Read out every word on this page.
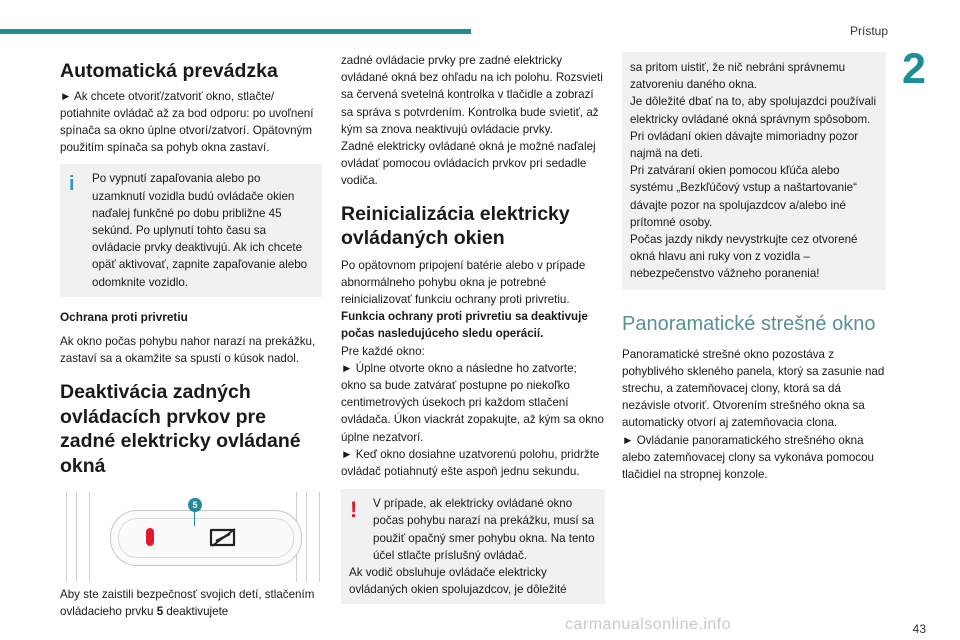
Prístup
2
Automatická prevádzka

► Ak chcete otvoriť/zatvoriť okno, stlačte/ potiahnite ovládač až za bod odporu: po uvoľnení spínača sa okno úplne otvorí/zatvorí. Opätovným použitím spínača sa pohyb okna zastaví.

i Po vypnutí zapaľovania alebo po uzamknutí vozidla budú ovládače okien naďalej funkčné po dobu približne 45 sekúnd. Po uplynutí tohto času sa ovládacie prvky deaktivujú. Ak ich chcete opäť aktivovať, zapnite zapaľovanie alebo odomknite vozidlo.

Ochrana proti privretiu

Ak okno počas pohybu nahor narazí na prekážku, zastaví sa a okamžite sa spustí o kúsok nadol.

Deaktivácia zadných ovládacích prvkov pre zadné elektricky ovládané okná
5

Aby ste zaistili bezpečnosť svojich detí, stlačením ovládacieho prvku 5 deaktivujete

zadné ovládacie prvky pre zadné elektricky ovládané okná bez ohľadu na ich polohu. Rozsvieti sa červená svetelná kontrolka v tlačidle a zobrazí sa správa s potvrdením. Kontrolka bude svietiť, až kým sa znova neaktivujú ovládacie prvky.

Zadné elektricky ovládané okná je možné naďalej ovládať pomocou ovládacích prvkov pri sedadle vodiča.

Reinicializácia elektricky ovládaných okien

Po opätovnom pripojení batérie alebo v prípade abnormálneho pohybu okna je potrebné reinicializovať funkciu ochrany proti privretiu.

Funkcia ochrany proti privretiu sa deaktivuje počas nasledujúceho sledu operácií.

Pre každé okno:

► Úplne otvorte okno a následne ho zatvorte; okno sa bude zatvárať postupne po niekoľko centimetrových úsekoch pri každom stlačení ovládača. Úkon viackrát zopakujte, až kým sa okno úplne nezatvorí.

► Keď okno dosiahne uzatvorenú polohu, pridržte ovládač potiahnutý ešte aspoň jednu sekundu.

! V prípade, ak elektricky ovládané okno počas pohybu narazí na prekážku, musí sa použiť opačný smer pohybu okna. Na tento účel stlačte príslušný ovládač.

Ak vodič obsluhuje ovládače elektricky ovládaných okien spolujazdcov, je dôležité

sa pritom uistiť, že nič nebráni správnemu zatvoreniu daného okna.

Je dôležité dbať na to, aby spolujazdci používali elektricky ovládané okná správnym spôsobom.

Pri ovládaní okien dávajte mimoriadny pozor najmä na deti.

Pri zatváraní okien pomocou kľúča alebo systému „Bezkľúčový vstup a naštartovanie“ dávajte pozor na spolujazdcov a/alebo iné prítomné osoby.

Počas jazdy nikdy nevystrkujte cez otvorené okná hlavu ani ruky von z vozidla – nebezpečenstvo vážneho poranenia!

Panoramatické strešné okno

Panoramatické strešné okno pozostáva z pohyblivého skleného panela, ktorý sa zasunie nad strechu, a zatemňovacej clony, ktorá sa dá nezávisle otvoriť. Otvorením strešného okna sa automaticky otvorí aj zatemňovacia clona.

► Ovládanie panoramatického strešného okna alebo zatemňovacej clony sa vykonáva pomocou tlačidiel na stropnej konzole.

carmanualsonline.info	43
